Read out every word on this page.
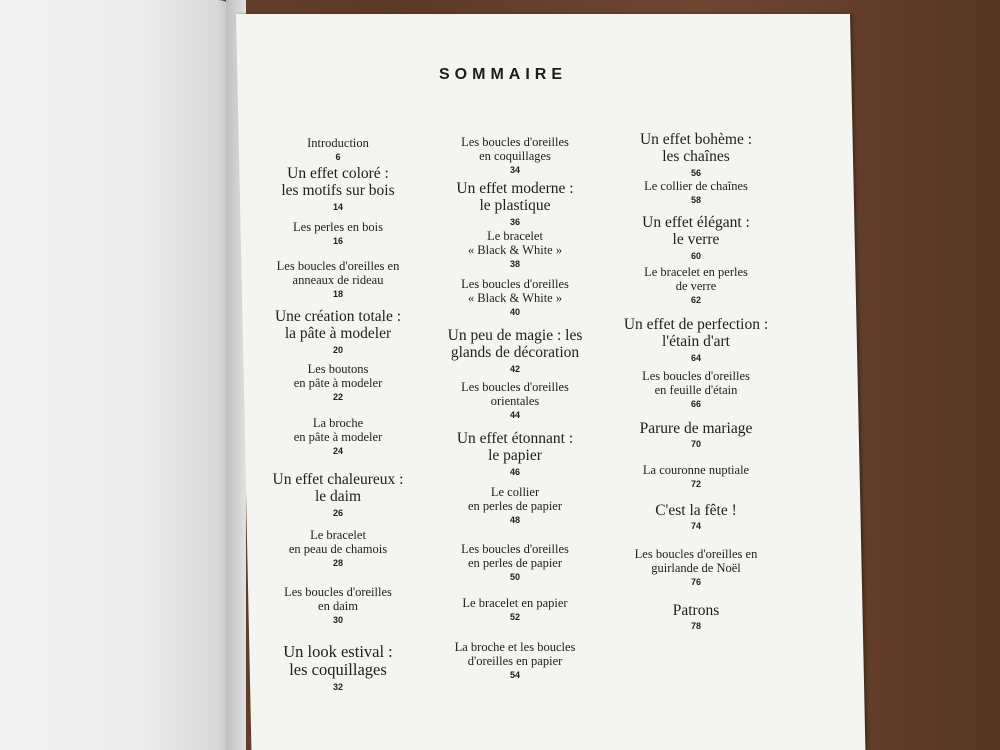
SOMMAIRE
Introduction
6
Un effet coloré :
les motifs sur bois
14
Les perles en bois
16
Les boucles d'oreilles en
anneaux de rideau
18
Une création totale :
la pâte à modeler
20
Les boutons
en pâte à modeler
22
La broche
en pâte à modeler
24
Un effet chaleureux :
le daim
26
Le bracelet
en peau de chamois
28
Les boucles d'oreilles
en daim
30
Un look estival :
les coquillages
32
Les boucles d'oreilles
en coquillages
34
Un effet moderne :
le plastique
36
Le bracelet
« Black & White »
38
Les boucles d'oreilles
« Black & White »
40
Un peu de magie : les
glands de décoration
42
Les boucles d'oreilles
orientales
44
Un effet étonnant :
le papier
46
Le collier
en perles de papier
48
Les boucles d'oreilles
en perles de papier
50
Le bracelet en papier
52
La broche et les boucles
d'oreilles en papier
54
Un effet bohème :
les chaînes
56
Le collier de chaînes
58
Un effet élégant :
le verre
60
Le bracelet en perles
de verre
62
Un effet de perfection :
l'étain d'art
64
Les boucles d'oreilles
en feuille d'étain
66
Parure de mariage
70
La couronne nuptiale
72
C'est la fête !
74
Les boucles d'oreilles en
guirlande de Noël
76
Patrons
78
